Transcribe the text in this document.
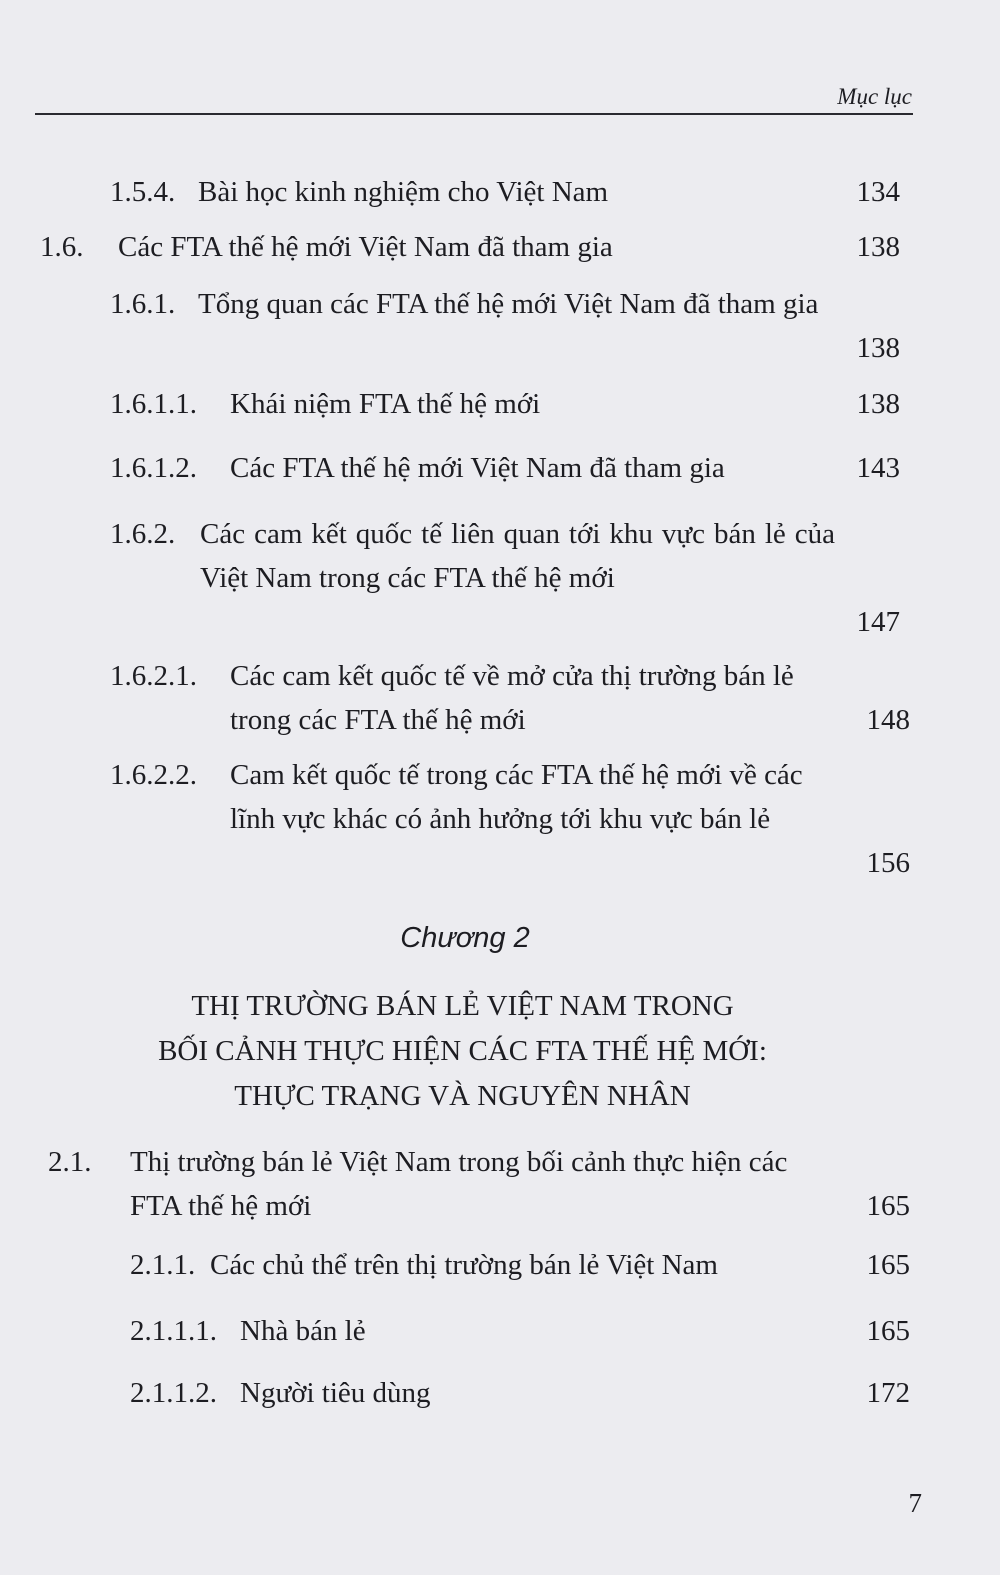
Mục lục
1.5.4. Bài học kinh nghiệm cho Việt Nam	134
1.6. Các FTA thế hệ mới Việt Nam đã tham gia	138
1.6.1. Tổng quan các FTA thế hệ mới Việt Nam đã tham gia
138
1.6.1.1. Khái niệm FTA thế hệ mới	138
1.6.1.2. Các FTA thế hệ mới Việt Nam đã tham gia	143
1.6.2. Các cam kết quốc tế liên quan tới khu vực bán lẻ của Việt Nam trong các FTA thế hệ mới
147
1.6.2.1. Các cam kết quốc tế về mở cửa thị trường bán lẻ trong các FTA thế hệ mới	148
1.6.2.2. Cam kết quốc tế trong các FTA thế hệ mới về các lĩnh vực khác có ảnh hưởng tới khu vực bán lẻ
156
Chương 2
THỊ TRƯỜNG BÁN LẺ VIỆT NAM TRONG
BỐI CẢNH THỰC HIỆN CÁC FTA THẾ HỆ MỚI:
THỰC TRẠNG VÀ NGUYÊN NHÂN
2.1. Thị trường bán lẻ Việt Nam trong bối cảnh thực hiện các FTA thế hệ mới	165
2.1.1. Các chủ thể trên thị trường bán lẻ Việt Nam	165
2.1.1.1. Nhà bán lẻ	165
2.1.1.2. Người tiêu dùng	172
7
